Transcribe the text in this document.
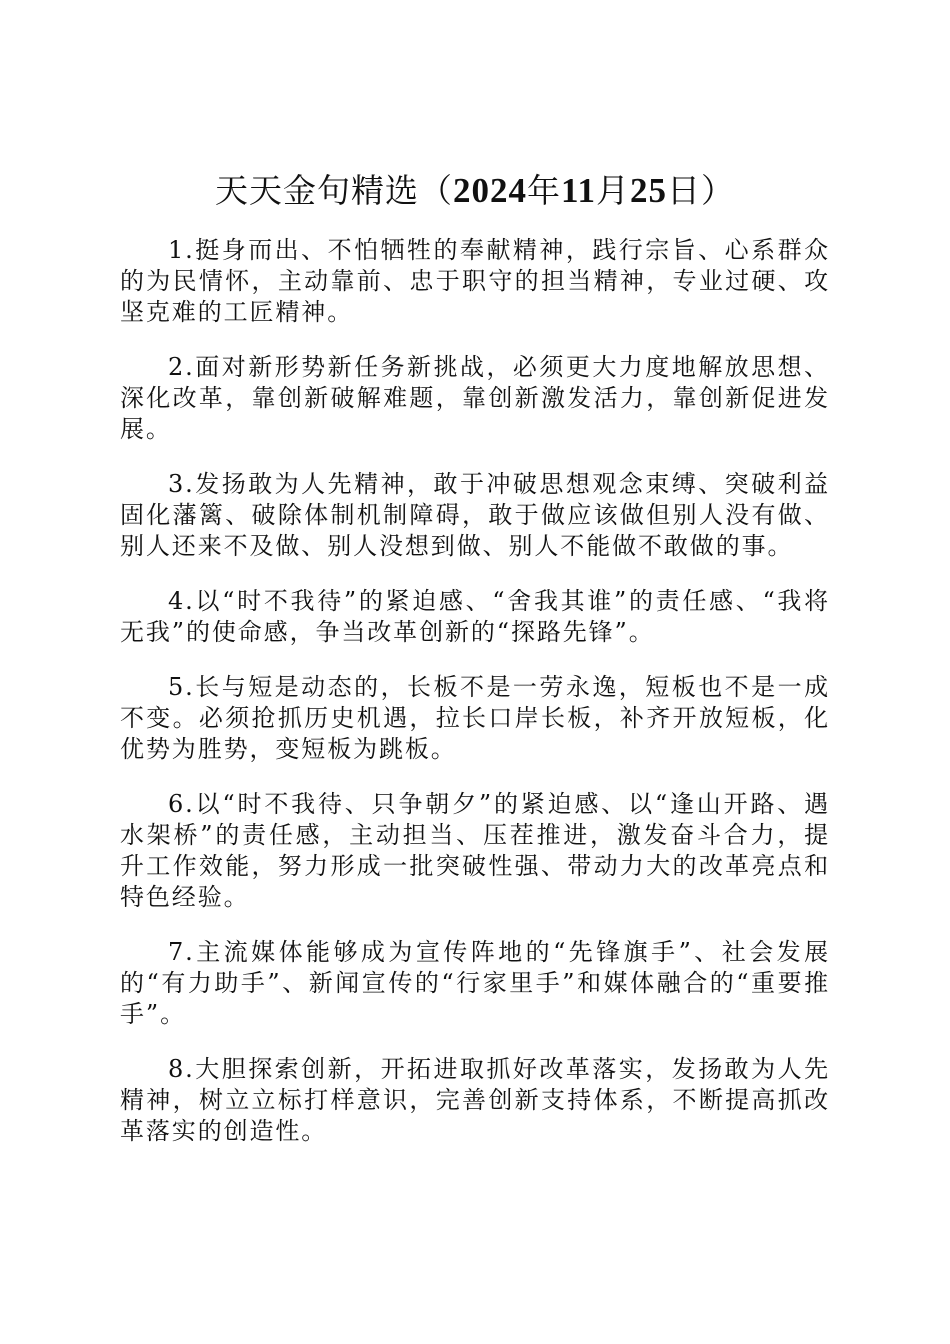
天天金句精选（2024年11月25日）

1.挺身而出、不怕牺牲的奉献精神，践行宗旨、心系群众的为民情怀，主动靠前、忠于职守的担当精神，专业过硬、攻坚克难的工匠精神。

2.面对新形势新任务新挑战，必须更大力度地解放思想、深化改革，靠创新破解难题，靠创新激发活力，靠创新促进发展。

3.发扬敢为人先精神，敢于冲破思想观念束缚、突破利益固化藩篱、破除体制机制障碍，敢于做应该做但别人没有做、别人还来不及做、别人没想到做、别人不能做不敢做的事。

4.以“时不我待”的紧迫感、“舍我其谁”的责任感、“我将无我”的使命感，争当改革创新的“探路先锋”。

5.长与短是动态的，长板不是一劳永逸，短板也不是一成不变。必须抢抓历史机遇，拉长口岸长板，补齐开放短板，化优势为胜势，变短板为跳板。

6.以“时不我待、只争朝夕”的紧迫感、以“逢山开路、遇水架桥”的责任感，主动担当、压茬推进，激发奋斗合力，提升工作效能，努力形成一批突破性强、带动力大的改革亮点和特色经验。

7.主流媒体能够成为宣传阵地的“先锋旗手”、社会发展的“有力助手”、新闻宣传的“行家里手”和媒体融合的“重要推手”。

8.大胆探索创新，开拓进取抓好改革落实，发扬敢为人先精神，树立立标打样意识，完善创新支持体系，不断提高抓改革落实的创造性。
